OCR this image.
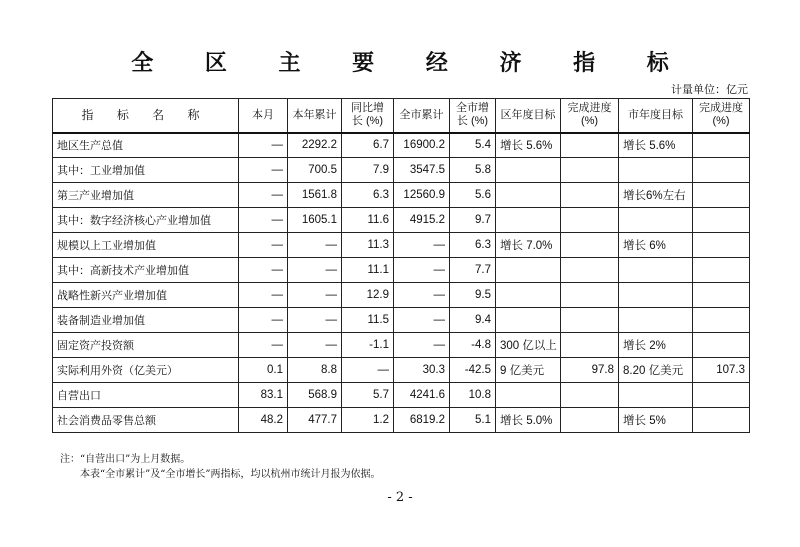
全 区 主 要 经 济 指 标
计量单位：亿元
指 标 名 称	本月	本年累计	同比增长 (%)	全市累计	全市增长 (%)	区年度目标	完成进度 (%)	市年度目标	完成进度 (%)
地区生产总值	—	2292.2	6.7	16900.2	5.4	增长 5.6%		增长 5.6%	
其中：工业增加值	—	700.5	7.9	3547.5	5.8				
第三产业增加值	—	1561.8	6.3	12560.9	5.6			增长6%左右	
其中：数字经济核心产业增加值	—	1605.1	11.6	4915.2	9.7				
规模以上工业增加值	—	—	11.3	—	6.3	增长 7.0%		增长 6%	
其中：高新技术产业增加值	—	—	11.1	—	7.7				
战略性新兴产业增加值	—	—	12.9	—	9.5				
装备制造业增加值	—	—	11.5	—	9.4				
固定资产投资额	—	—	-1.1	—	-4.8	300 亿以上		增长 2%	
实际利用外资（亿美元）	0.1	8.8	—	30.3	-42.5	9 亿美元	97.8	8.20 亿美元	107.3
自营出口	83.1	568.9	5.7	4241.6	10.8				
社会消费品零售总额	48.2	477.7	1.2	6819.2	5.1	增长 5.0%		增长 5%	
注：“自营出口”为上月数据。
本表“全市累计”及“全市增长”两指标，均以杭州市统计月报为依据。
- 2 -
